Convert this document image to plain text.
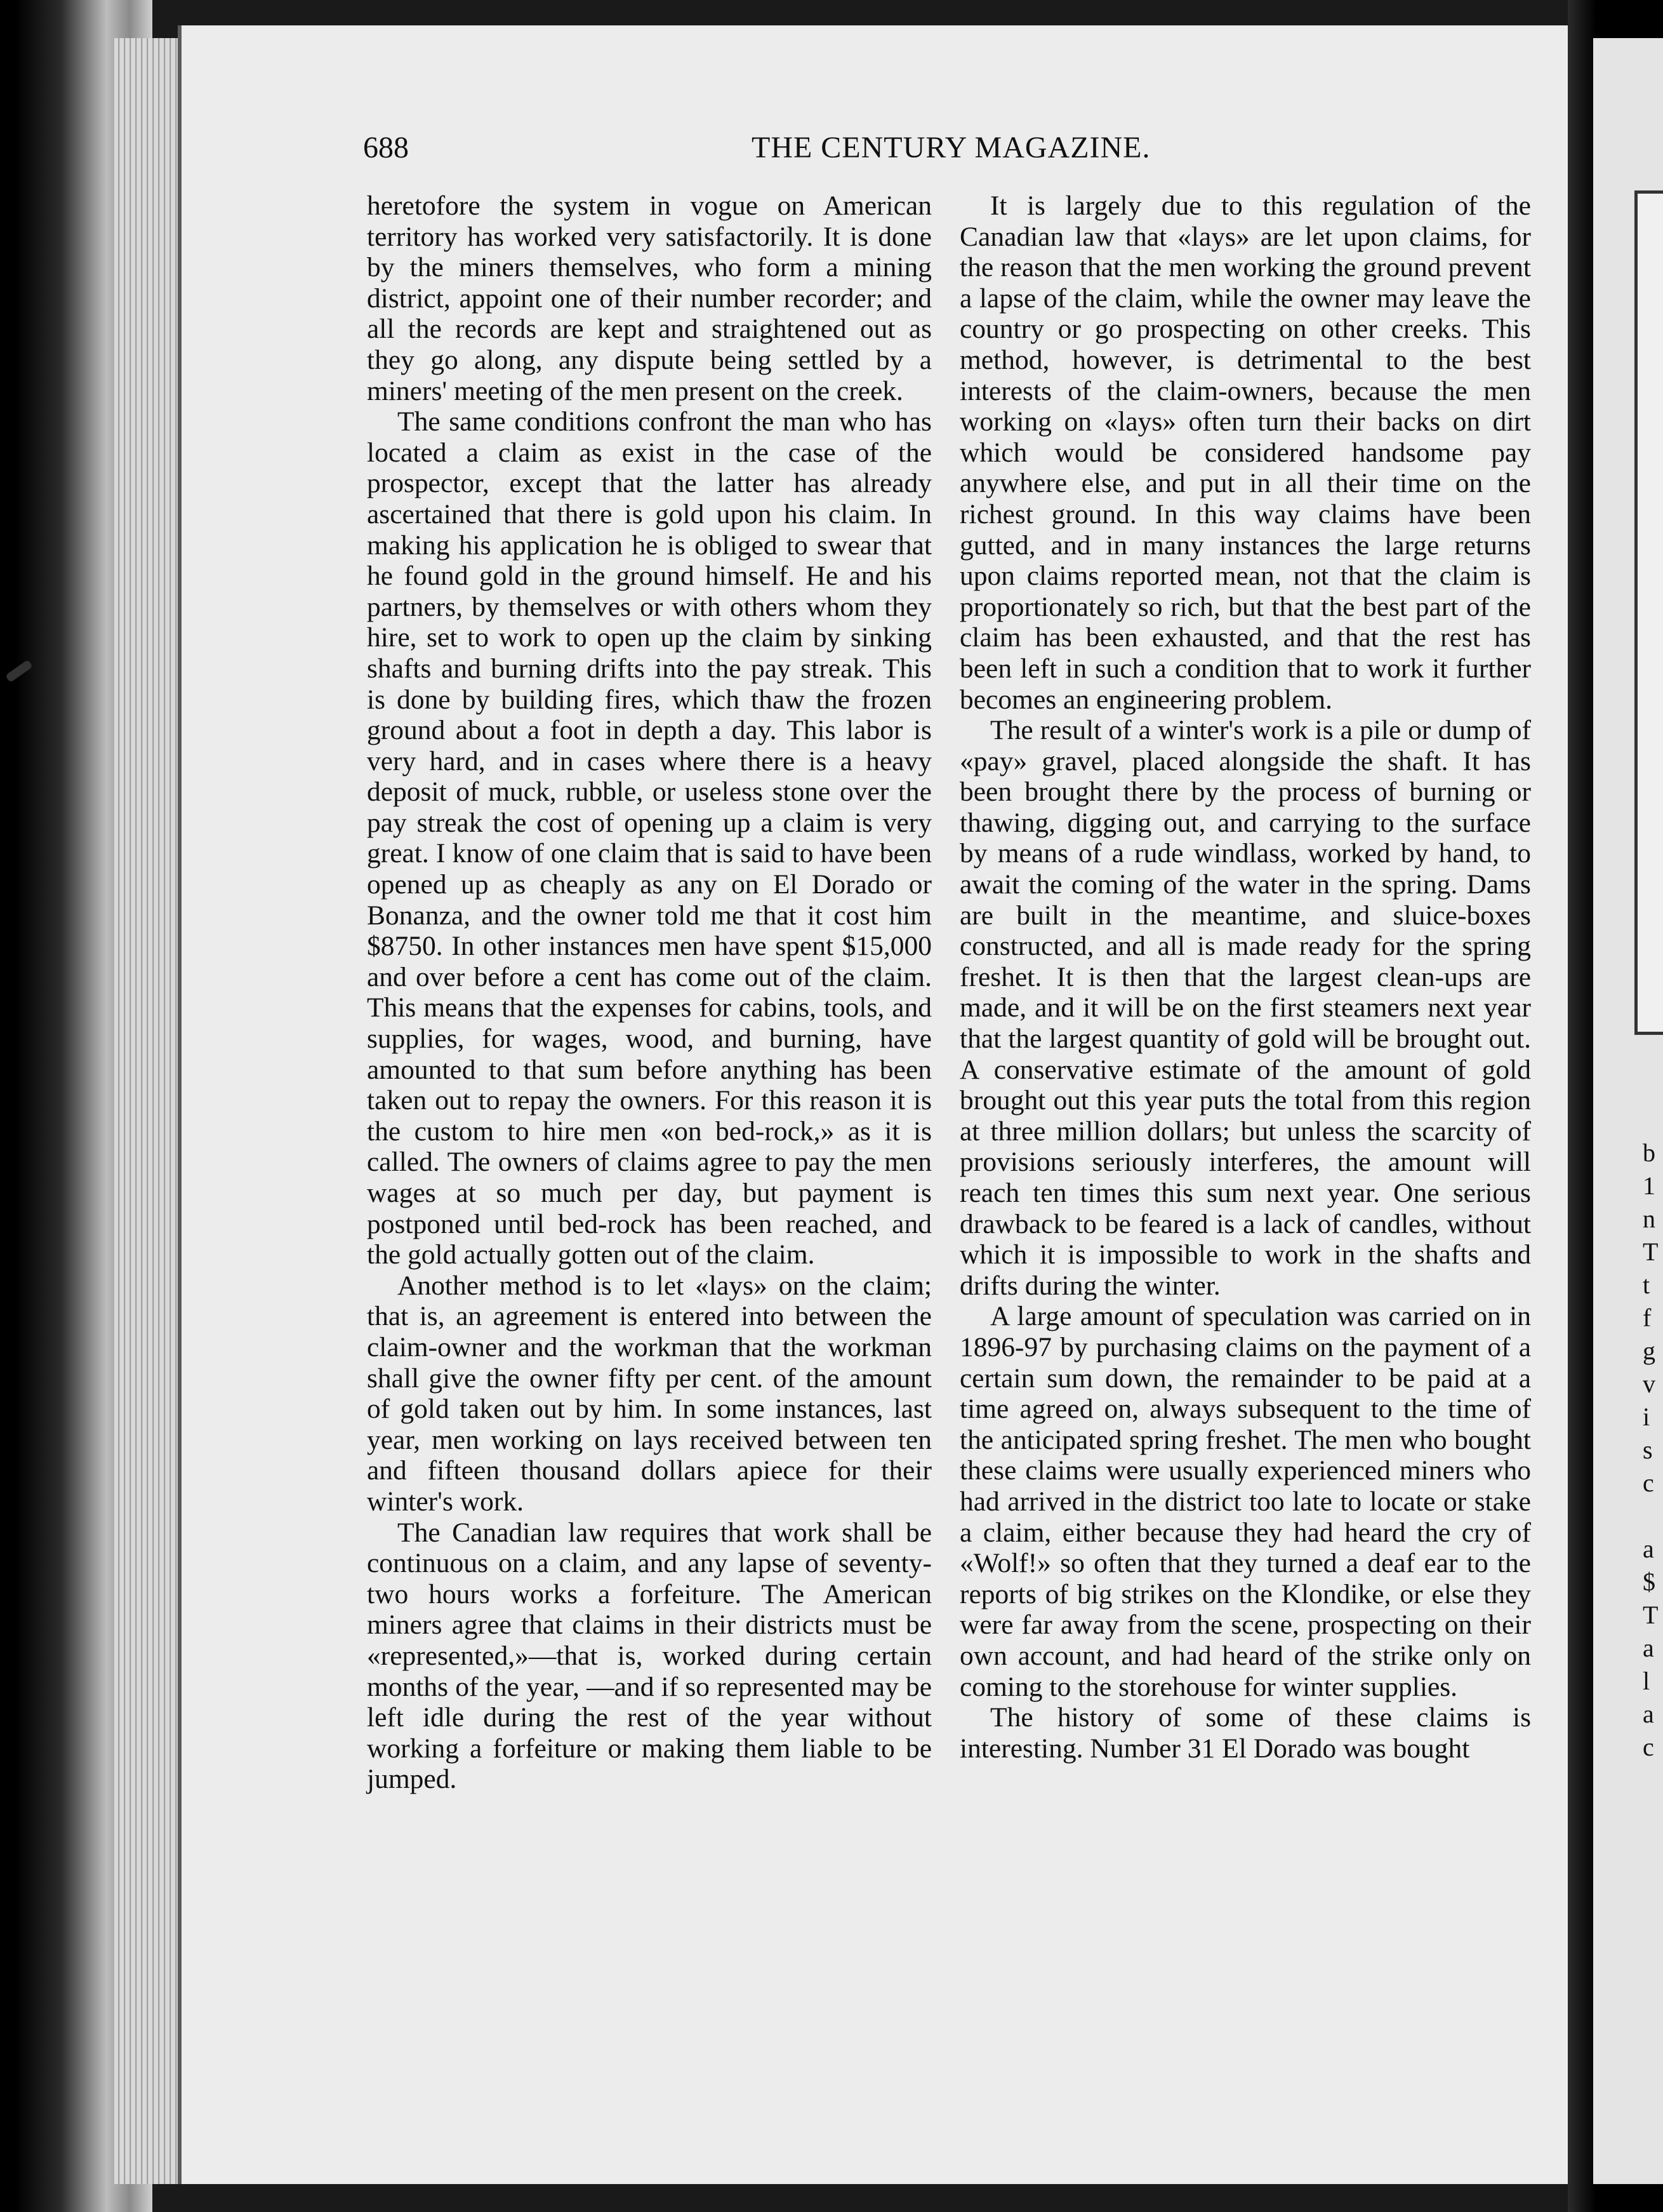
b
1
n
T
t
f
g
v
i
s
c

a
$
T
a
l
a
c
688	THE CENTURY MAGAZINE.

heretofore the system in vogue on American territory has worked very satisfactorily. It is done by the miners themselves, who form a mining district, appoint one of their number recorder; and all the records are kept and straightened out as they go along, any dispute being settled by a miners' meeting of the men present on the creek.

The same conditions confront the man who has located a claim as exist in the case of the prospector, except that the latter has already ascertained that there is gold upon his claim. In making his application he is obliged to swear that he found gold in the ground himself. He and his partners, by themselves or with others whom they hire, set to work to open up the claim by sinking shafts and burning drifts into the pay streak. This is done by building fires, which thaw the frozen ground about a foot in depth a day. This labor is very hard, and in cases where there is a heavy deposit of muck, rubble, or useless stone over the pay streak the cost of opening up a claim is very great. I know of one claim that is said to have been opened up as cheaply as any on El Dorado or Bonanza, and the owner told me that it cost him $8750. In other instances men have spent $15,000 and over before a cent has come out of the claim. This means that the expenses for cabins, tools, and supplies, for wages, wood, and burning, have amounted to that sum before anything has been taken out to repay the owners. For this reason it is the custom to hire men «on bed-rock,» as it is called. The owners of claims agree to pay the men wages at so much per day, but payment is postponed until bed-rock has been reached, and the gold actually gotten out of the claim.

Another method is to let «lays» on the claim; that is, an agreement is entered into between the claim-owner and the workman that the workman shall give the owner fifty per cent. of the amount of gold taken out by him. In some instances, last year, men working on lays received between ten and fifteen thousand dollars apiece for their winter's work.

The Canadian law requires that work shall be continuous on a claim, and any lapse of seventy-two hours works a forfeiture. The American miners agree that claims in their districts must be «represented,»—that is, worked during certain months of the year, —and if so represented may be left idle during the rest of the year without working a forfeiture or making them liable to be jumped.

It is largely due to this regulation of the Canadian law that «lays» are let upon claims, for the reason that the men working the ground prevent a lapse of the claim, while the owner may leave the country or go prospecting on other creeks. This method, however, is detrimental to the best interests of the claim-owners, because the men working on «lays» often turn their backs on dirt which would be considered handsome pay anywhere else, and put in all their time on the richest ground. In this way claims have been gutted, and in many instances the large returns upon claims reported mean, not that the claim is proportionately so rich, but that the best part of the claim has been exhausted, and that the rest has been left in such a condition that to work it further becomes an engineering problem.

The result of a winter's work is a pile or dump of «pay» gravel, placed alongside the shaft. It has been brought there by the process of burning or thawing, digging out, and carrying to the surface by means of a rude windlass, worked by hand, to await the coming of the water in the spring. Dams are built in the meantime, and sluice-boxes constructed, and all is made ready for the spring freshet. It is then that the largest clean-ups are made, and it will be on the first steamers next year that the largest quantity of gold will be brought out. A conservative estimate of the amount of gold brought out this year puts the total from this region at three million dollars; but unless the scarcity of provisions seriously interferes, the amount will reach ten times this sum next year. One serious drawback to be feared is a lack of candles, without which it is impossible to work in the shafts and drifts during the winter.

A large amount of speculation was carried on in 1896-97 by purchasing claims on the payment of a certain sum down, the remainder to be paid at a time agreed on, always subsequent to the time of the anticipated spring freshet. The men who bought these claims were usually experienced miners who had arrived in the district too late to locate or stake a claim, either because they had heard the cry of «Wolf!» so often that they turned a deaf ear to the reports of big strikes on the Klondike, or else they were far away from the scene, prospecting on their own account, and had heard of the strike only on coming to the storehouse for winter supplies.

The history of some of these claims is interesting. Number 31 El Dorado was bought
